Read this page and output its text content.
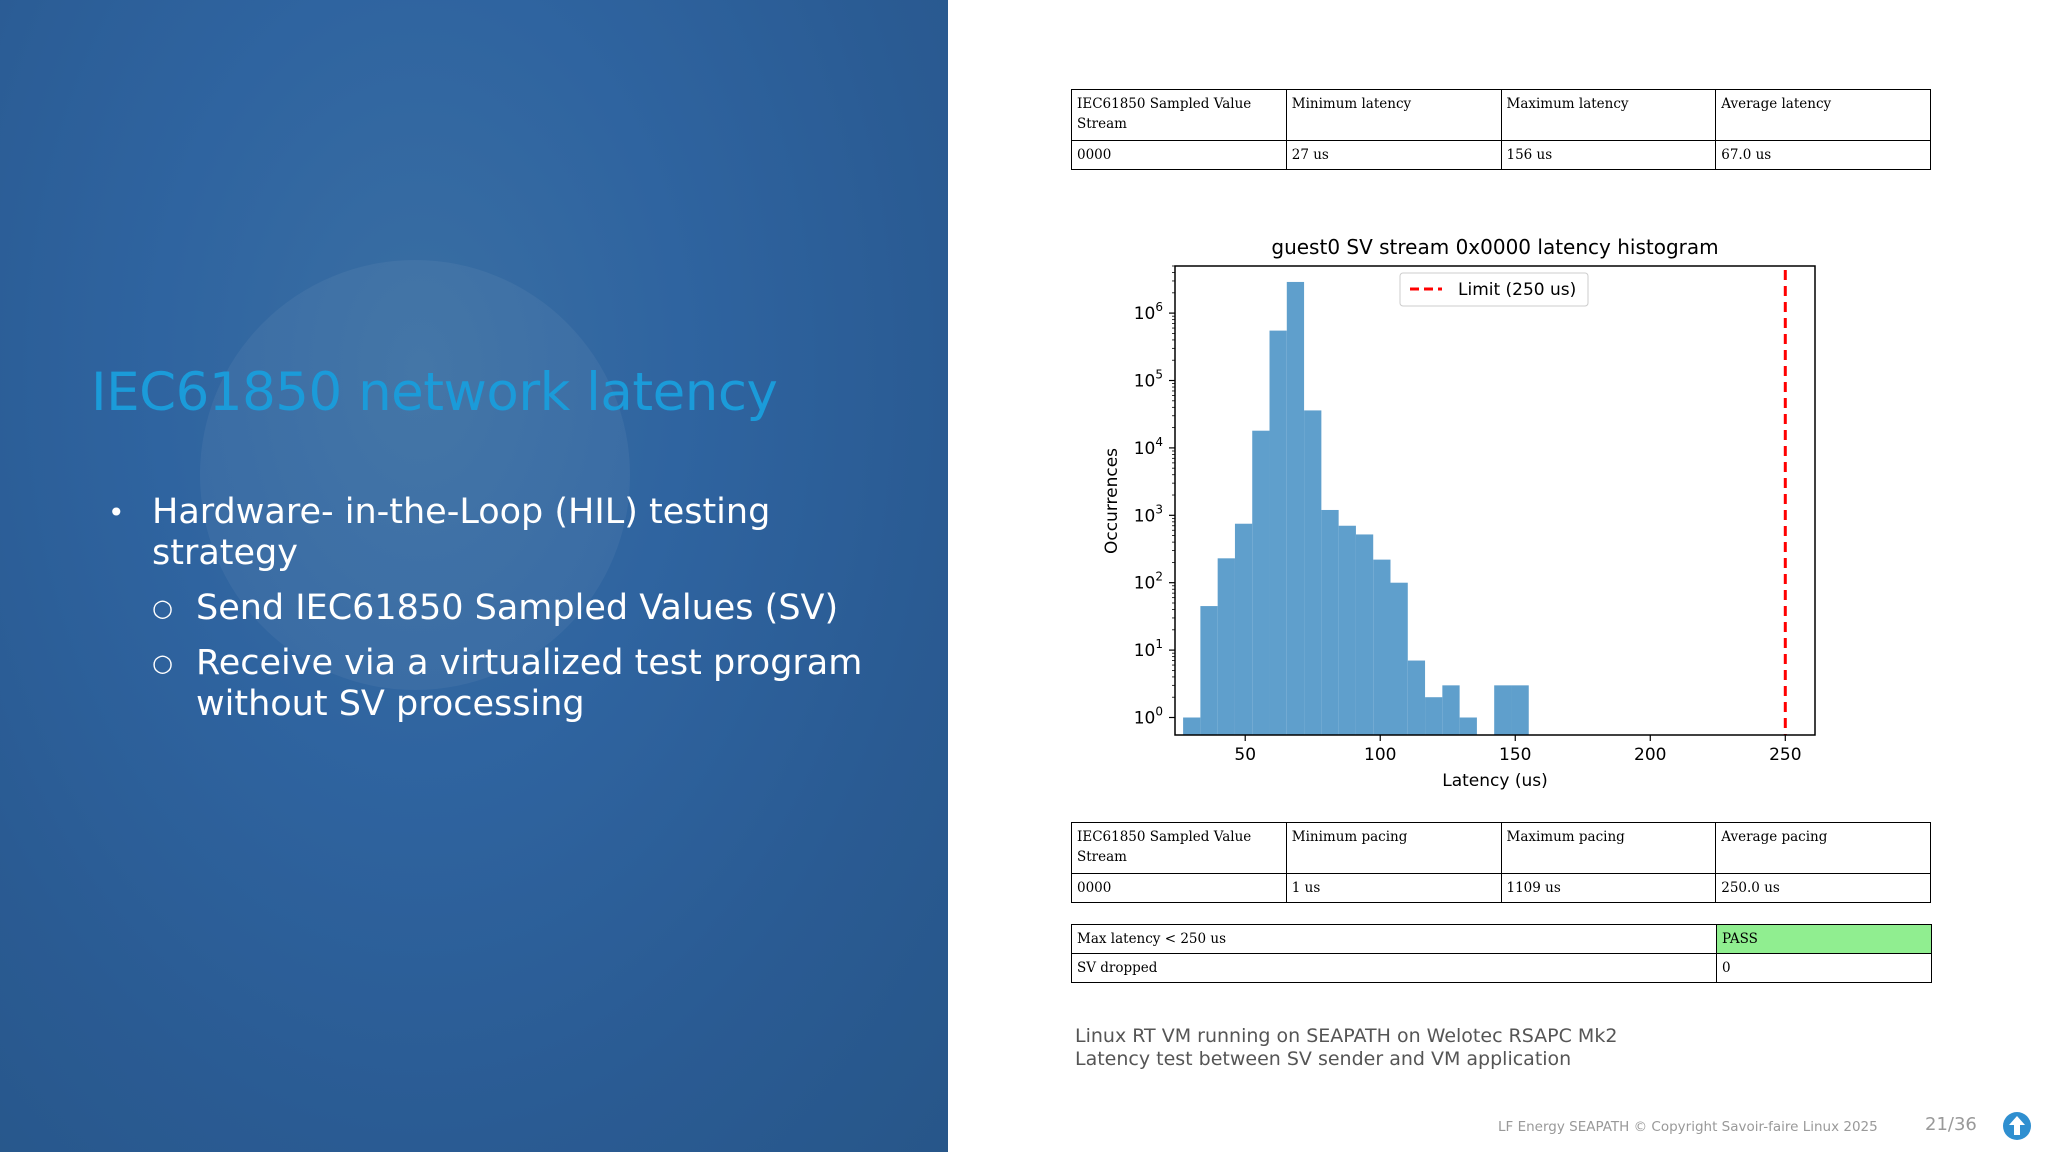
IEC61850 network latency
• Hardware- in-the-Loop (HIL) testing strategy
○ Send IEC61850 Sampled Values (SV)
○ Receive via a virtualized test program without SV processing
IEC61850 Sampled Value Stream	Minimum latency	Maximum latency	Average latency
0000	27 us	156 us	67.0 us
guest0 SV stream 0x0000 latency histogram
50	100	150	200	250
$10^0$
$10^1$
$10^2$
$10^3$
$10^4$
$10^5$
$10^6$
Latency (us)
Occurrences
Limit (250 us)
IEC61850 Sampled Value Stream	Minimum pacing	Maximum pacing	Average pacing
0000	1 us	1109 us	250.0 us
Max latency < 250 us	PASS
SV dropped	0
Linux RT VM running on SEAPATH on Welotec RSAPC Mk2
Latency test between SV sender and VM application
LF Energy SEAPATH © Copyright Savoir-faire Linux 2025	21/36
